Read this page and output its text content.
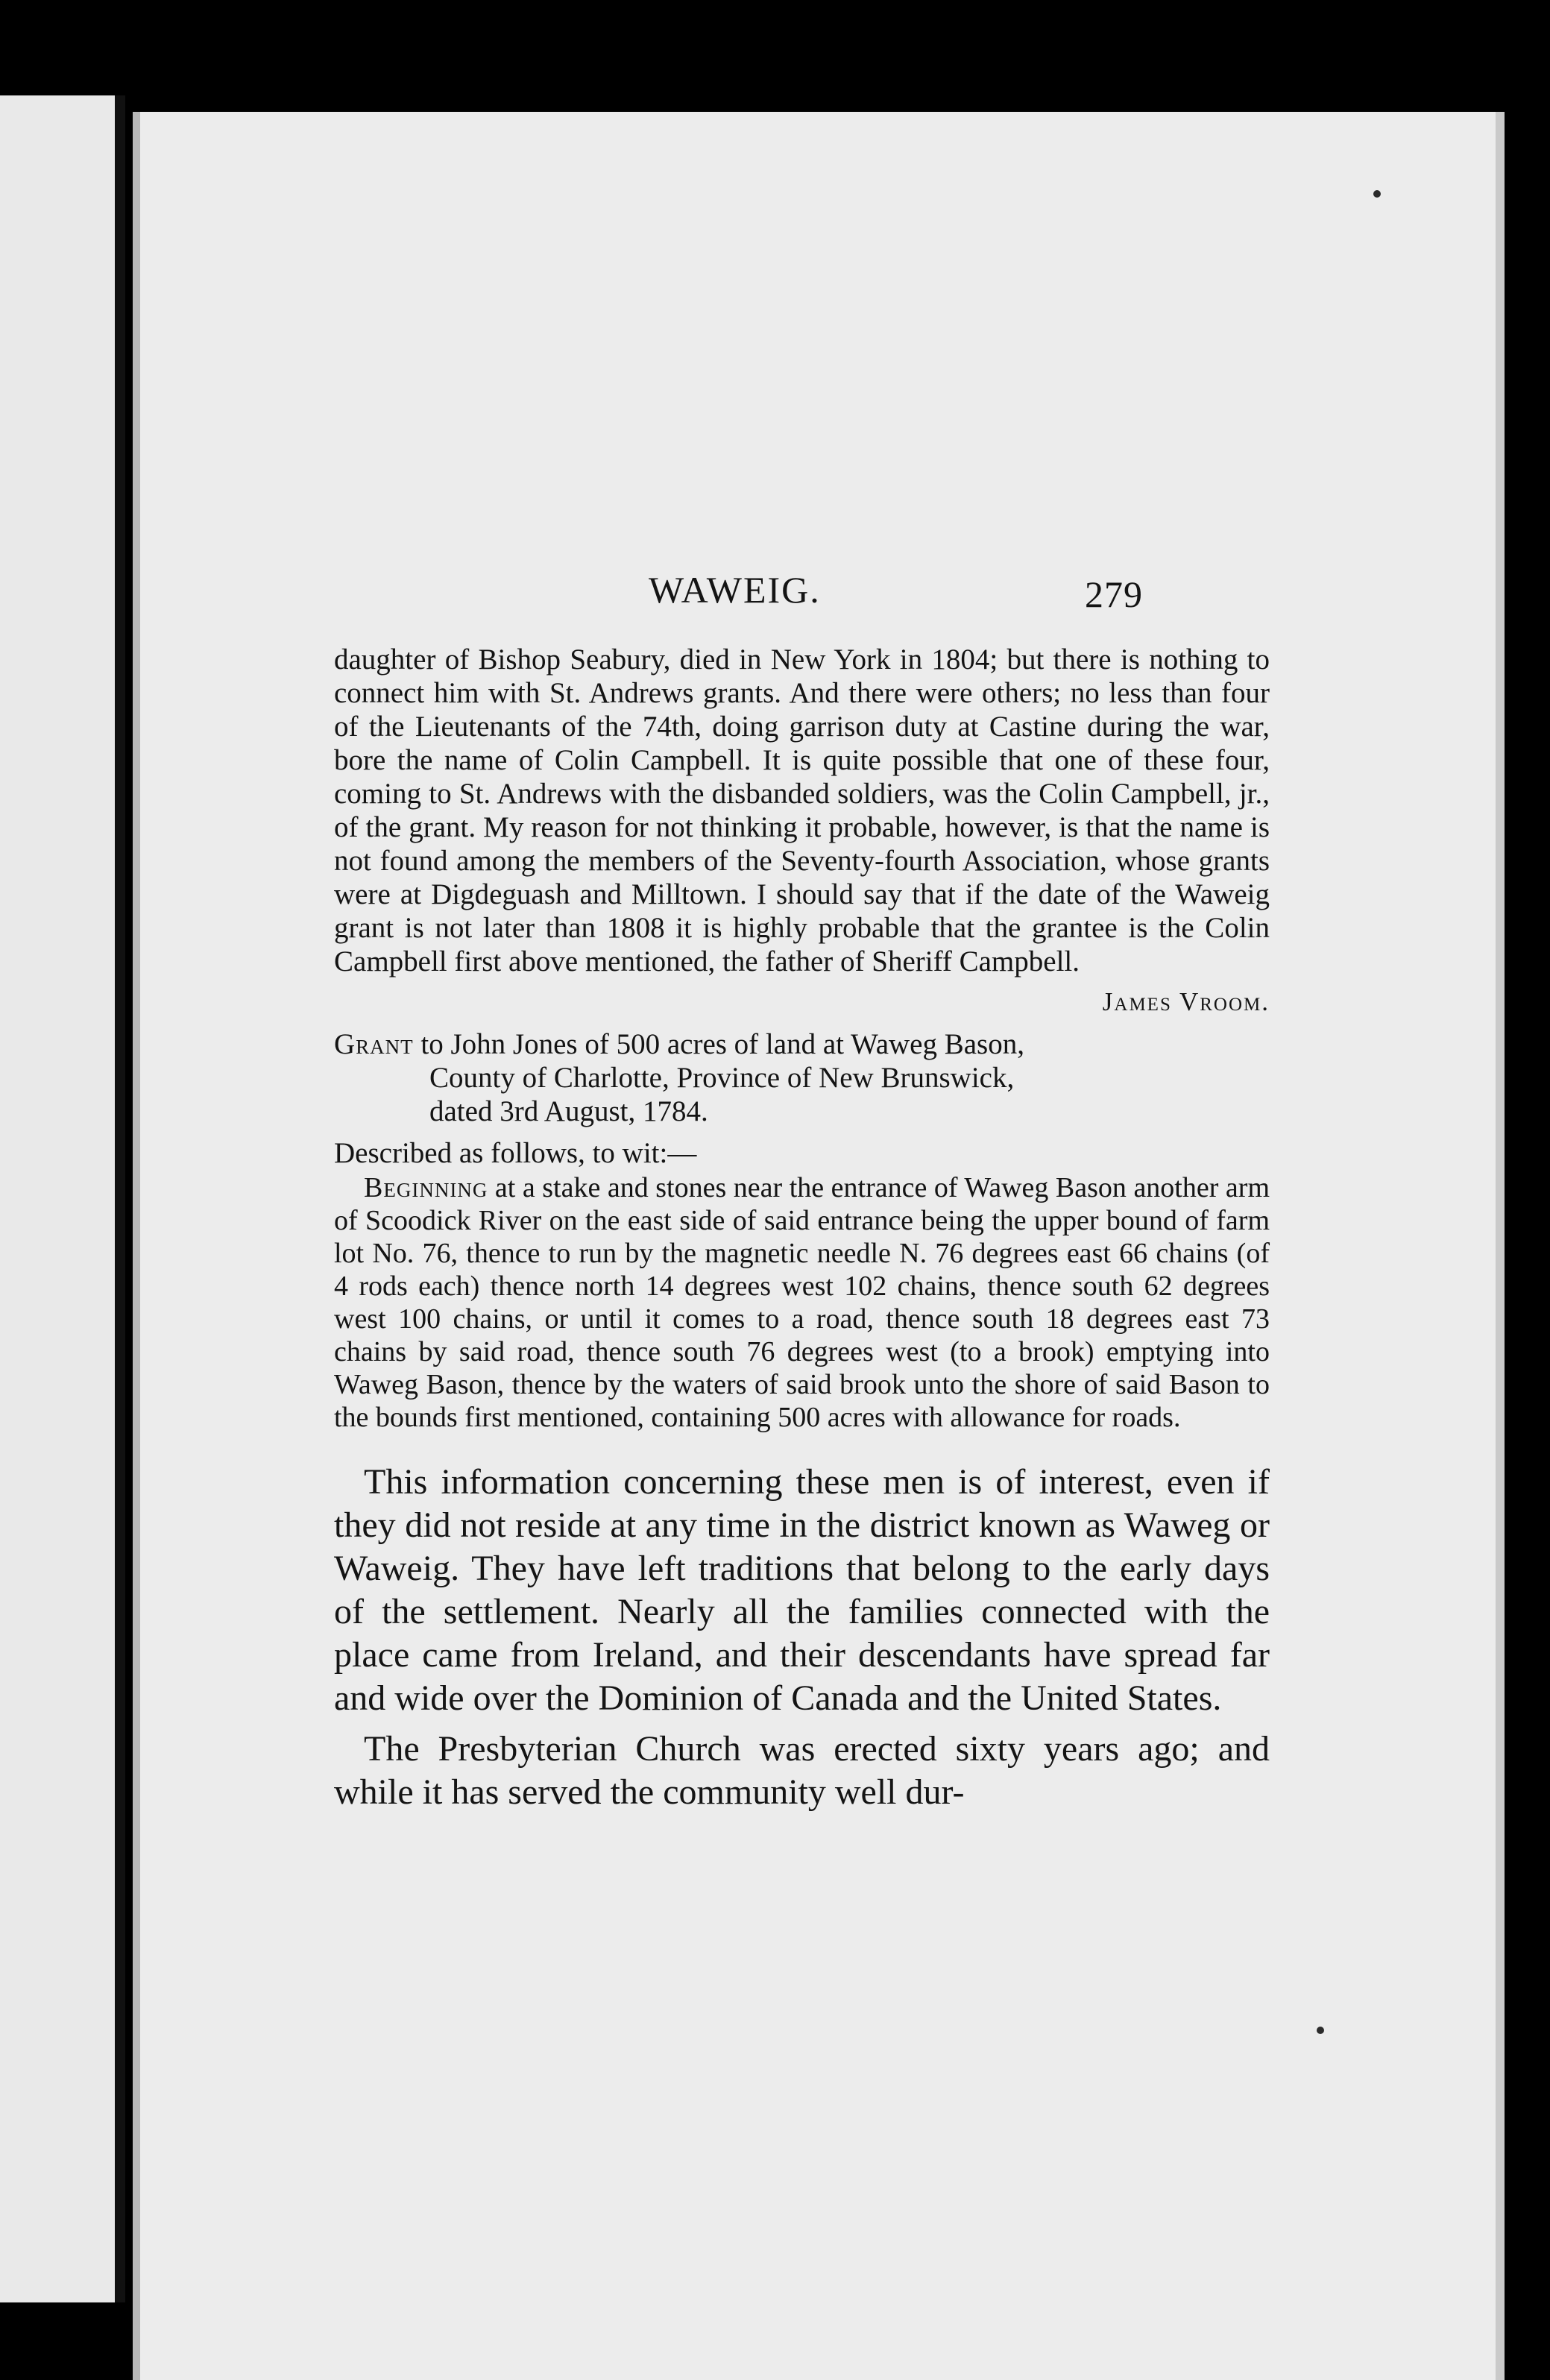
WAWEIG.	279

daughter of Bishop Seabury, died in New York in 1804; but there is nothing to connect him with St. Andrews grants. And there were others; no less than four of the Lieutenants of the 74th, doing garrison duty at Castine during the war, bore the name of Colin Campbell. It is quite possible that one of these four, coming to St. Andrews with the disbanded soldiers, was the Colin Campbell, jr., of the grant. My reason for not thinking it probable, however, is that the name is not found among the members of the Seventy-fourth Association, whose grants were at Digdeguash and Milltown. I should say that if the date of the Waweig grant is not later than 1808 it is highly probable that the grantee is the Colin Campbell first above mentioned, the father of Sheriff Campbell.

James Vroom.

Grant to John Jones of 500 acres of land at Waweg Bason, County of Charlotte, Province of New Brunswick, dated 3rd August, 1784.

Described as follows, to wit:—

Beginning at a stake and stones near the entrance of Waweg Bason another arm of Scoodick River on the east side of said entrance being the upper bound of farm lot No. 76, thence to run by the magnetic needle N. 76 degrees east 66 chains (of 4 rods each) thence north 14 degrees west 102 chains, thence south 62 degrees west 100 chains, or until it comes to a road, thence south 18 degrees east 73 chains by said road, thence south 76 degrees west (to a brook) emptying into Waweg Bason, thence by the waters of said brook unto the shore of said Bason to the bounds first mentioned, containing 500 acres with allowance for roads.

This information concerning these men is of interest, even if they did not reside at any time in the district known as Waweg or Waweig. They have left traditions that belong to the early days of the settlement. Nearly all the families connected with the place came from Ireland, and their descendants have spread far and wide over the Dominion of Canada and the United States.

The Presbyterian Church was erected sixty years ago; and while it has served the community well dur-
